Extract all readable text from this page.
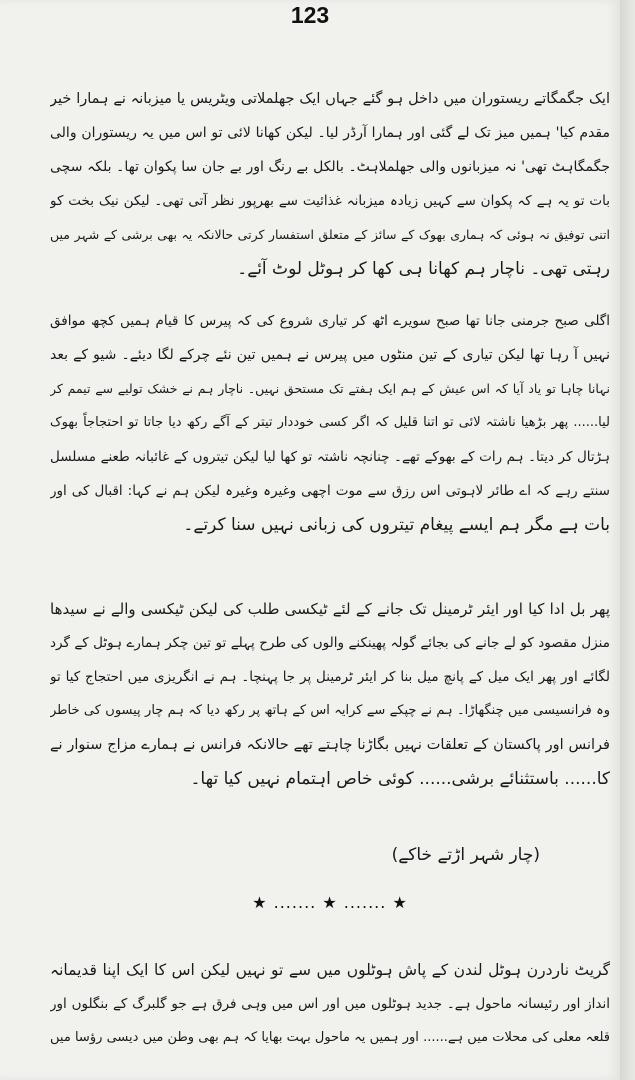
123
ایک جگمگاتے ریستوران میں داخل ہو گئے جہاں ایک جھلملاتی ویٹریس یا میزبانہ نے ہمارا خیر
مقدم کیا' ہمیں میز تک لے گئی اور ہمارا آرڈر لیا۔ لیکن کھانا لائی تو اس میں یہ ریستوران والی
جگمگاہٹ تھی' نہ میزبانوں والی جھلملاہٹ۔ بالکل بے رنگ اور بے جان سا پکوان تھا۔ بلکہ سچی
بات تو یہ ہے کہ پکوان سے کہیں زیادہ میزبانہ غذائیت سے بھرپور نظر آتی تھی۔ لیکن نیک بخت کو
اتنی توفیق نہ ہوئی کہ ہماری بھوک کے سائز کے متعلق استفسار کرتی حالانکہ یہ بھی برشی کے شہر میں
رہتی تھی۔ ناچار ہم کھانا ہی کھا کر ہوٹل لوٹ آئے۔
اگلی صبح جرمنی جانا تھا صبح سویرے اٹھ کر تیاری شروع کی کہ پیرس کا قیام ہمیں کچھ موافق
نہیں آ رہا تھا لیکن تیاری کے تین منٹوں میں پیرس نے ہمیں تین نئے چرکے لگا دیئے۔ شیو کے بعد
نہانا چاہا تو یاد آیا کہ اس عیش کے ہم ایک ہفتے تک مستحق نہیں۔ ناچار ہم نے خشک تولیے سے تیمم کر
لیا...... پھر بڑھیا ناشتہ لائی تو اتنا قلیل کہ اگر کسی خوددار تیتر کے آگے رکھ دیا جاتا تو احتجاجاً بھوک
ہڑتال کر دیتا۔ ہم رات کے بھوکے تھے۔ چنانچہ ناشتہ تو کھا لیا لیکن تیتروں کے غائبانہ طعنے مسلسل
سنتے رہے کہ اے طائر لاہوتی اس رزق سے موت اچھی وغیرہ وغیرہ لیکن ہم نے کہا: اقبال کی اور
بات ہے مگر ہم ایسے پیغام تیتروں کی زبانی نہیں سنا کرتے۔
پھر بل ادا کیا اور ایئر ٹرمینل تک جانے کے لئے ٹیکسی طلب کی لیکن ٹیکسی والے نے سیدھا
منزل مقصود کو لے جانے کی بجائے گولہ پھینکنے والوں کی طرح پہلے تو تین چکر ہمارے ہوٹل کے گرد
لگائے اور پھر ایک میل کے پانچ میل بنا کر ایئر ٹرمینل پر جا پہنچا۔ ہم نے انگریزی میں احتجاج کیا تو
وہ فرانسیسی میں چنگھاڑا۔ ہم نے چپکے سے کرایہ اس کے ہاتھ پر رکھ دیا کہ ہم چار پیسوں کی خاطر
فرانس اور پاکستان کے تعلقات نہیں بگاڑنا چاہتے تھے حالانکہ فرانس نے ہمارے مزاج سنوار نے
کا...... باستثنائے برشی...... کوئی خاص اہتمام نہیں کیا تھا۔
(چار شہر اڑتے خاکے)
★ ....... ★ ....... ★
گریٹ ناردرن ہوٹل لندن کے پاش ہوٹلوں میں سے تو نہیں لیکن اس کا ایک اپنا قدیمانہ
انداز اور رئیسانہ ماحول ہے۔ جدید ہوٹلوں میں اور اس میں وہی فرق ہے جو گلبرگ کے بنگلوں اور
قلعہ معلی کی محلات میں ہے...... اور ہمیں یہ ماحول بہت بھایا کہ ہم بھی وطن میں دیسی رؤسا میں
